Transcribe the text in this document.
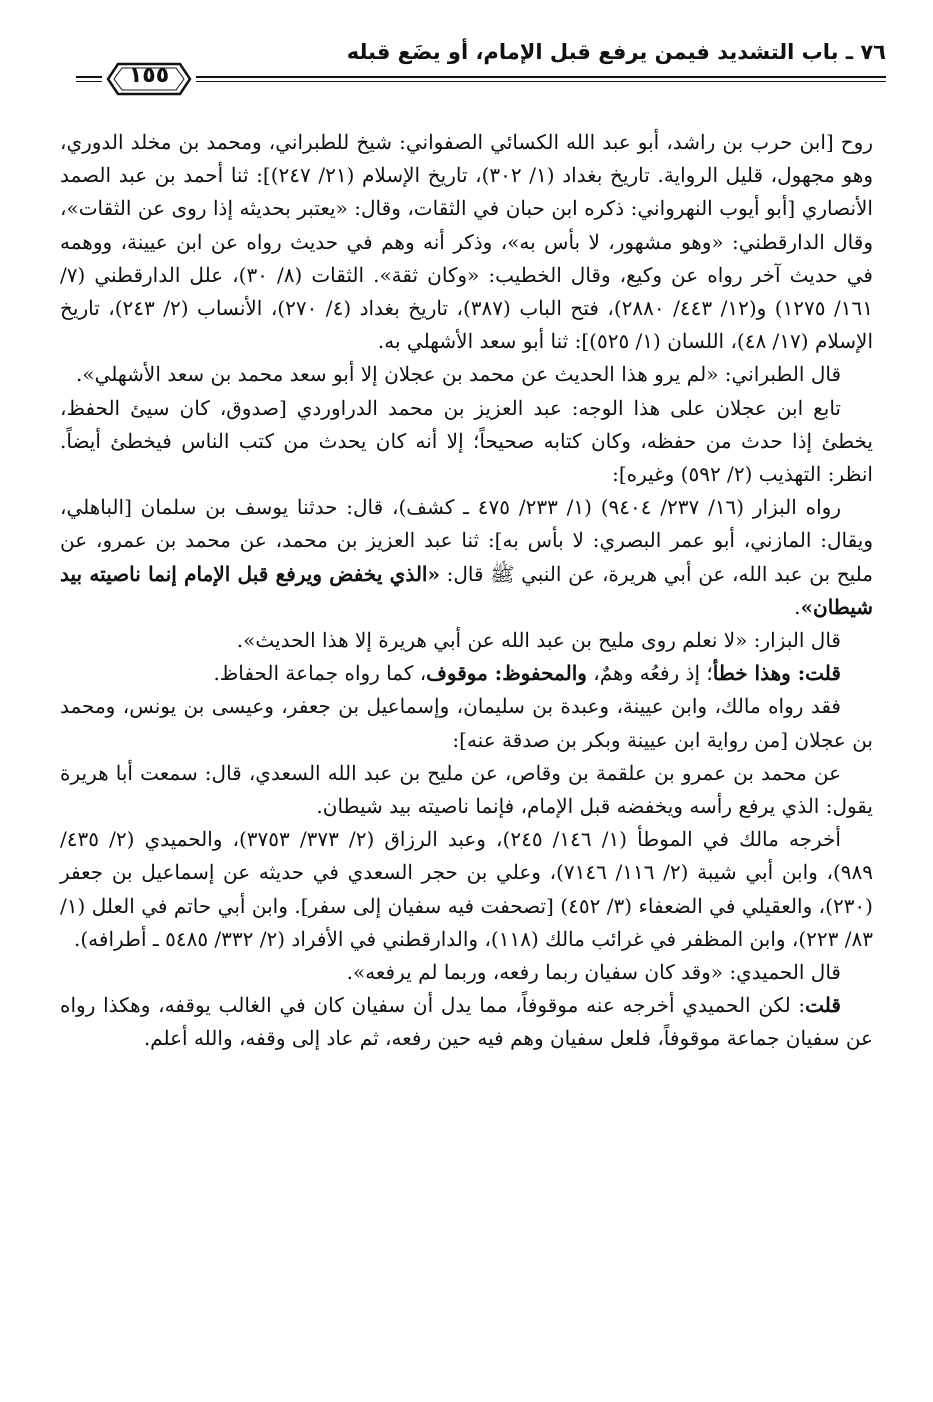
٧٦ ـ باب التشديد فيمن يرفع قبل الإمام، أو يضَع قبله
١٥٥

روح [ابن حرب بن راشد، أبو عبد الله الكسائي الصفواني: شيخ للطبراني، ومحمد بن مخلد الدوري، وهو مجهول، قليل الرواية. تاريخ بغداد (١/ ٣٠٢)، تاريخ الإسلام (٢١/ ٢٤٧)]: ثنا أحمد بن عبد الصمد الأنصاري [أبو أيوب النهرواني: ذكره ابن حبان في الثقات، وقال: «يعتبر بحديثه إذا روى عن الثقات»، وقال الدارقطني: «وهو مشهور، لا بأس به»، وذكر أنه وهم في حديث رواه عن ابن عيينة، ووهمه في حديث آخر رواه عن وكيع، وقال الخطيب: «وكان ثقة». الثقات (٨/ ٣٠)، علل الدارقطني (٧/ ١٦١/ ١٢٧٥) و(١٢/ ٤٤٣/ ٢٨٨٠)، فتح الباب (٣٨٧)، تاريخ بغداد (٤/ ٢٧٠)، الأنساب (٢/ ٢٤٣)، تاريخ الإسلام (١٧/ ٤٨)، اللسان (١/ ٥٢٥)]: ثنا أبو سعد الأشهلي به.

قال الطبراني: «لم يرو هذا الحديث عن محمد بن عجلان إلا أبو سعد محمد بن سعد الأشهلي».

تابع ابن عجلان على هذا الوجه: عبد العزيز بن محمد الدراوردي [صدوق، كان سيئ الحفظ، يخطئ إذا حدث من حفظه، وكان كتابه صحيحاً؛ إلا أنه كان يحدث من كتب الناس فيخطئ أيضاً. انظر: التهذيب (٢/ ٥٩٢) وغيره]:

رواه البزار (١٦/ ٢٣٧/ ٩٤٠٤) (١/ ٢٣٣/ ٤٧٥ ـ كشف)، قال: حدثنا يوسف بن سلمان [الباهلي، ويقال: المازني، أبو عمر البصري: لا بأس به]: ثنا عبد العزيز بن محمد، عن محمد بن عمرو، عن مليح بن عبد الله، عن أبي هريرة، عن النبي ﷺ قال: «الذي يخفض ويرفع قبل الإمام إنما ناصيته بيد شيطان».

قال البزار: «لا نعلم روى مليح بن عبد الله عن أبي هريرة إلا هذا الحديث».

قلت: وهذا خطأ؛ إذ رفعُه وهمٌ، والمحفوظ: موقوف، كما رواه جماعة الحفاظ.

فقد رواه مالك، وابن عيينة، وعبدة بن سليمان، وإسماعيل بن جعفر، وعيسى بن يونس، ومحمد بن عجلان [من رواية ابن عيينة وبكر بن صدقة عنه]:

عن محمد بن عمرو بن علقمة بن وقاص، عن مليح بن عبد الله السعدي، قال: سمعت أبا هريرة يقول: الذي يرفع رأسه ويخفضه قبل الإمام، فإنما ناصيته بيد شيطان.

أخرجه مالك في الموطأ (١/ ١٤٦/ ٢٤٥)، وعبد الرزاق (٢/ ٣٧٣/ ٣٧٥٣)، والحميدي (٢/ ٤٣٥/ ٩٨٩)، وابن أبي شيبة (٢/ ١١٦/ ٧١٤٦)، وعلي بن حجر السعدي في حديثه عن إسماعيل بن جعفر (٢٣٠)، والعقيلي في الضعفاء (٣/ ٤٥٢) [تصحفت فيه سفيان إلى سفر]. وابن أبي حاتم في العلل (١/ ٨٣/ ٢٢٣)، وابن المظفر في غرائب مالك (١١٨)، والدارقطني في الأفراد (٢/ ٣٣٢/ ٥٤٨٥ ـ أطرافه).

قال الحميدي: «وقد كان سفيان ربما رفعه، وربما لم يرفعه».

قلت: لكن الحميدي أخرجه عنه موقوفاً، مما يدل أن سفيان كان في الغالب يوقفه، وهكذا رواه عن سفيان جماعة موقوفاً، فلعل سفيان وهم فيه حين رفعه، ثم عاد إلى وقفه، والله أعلم.
